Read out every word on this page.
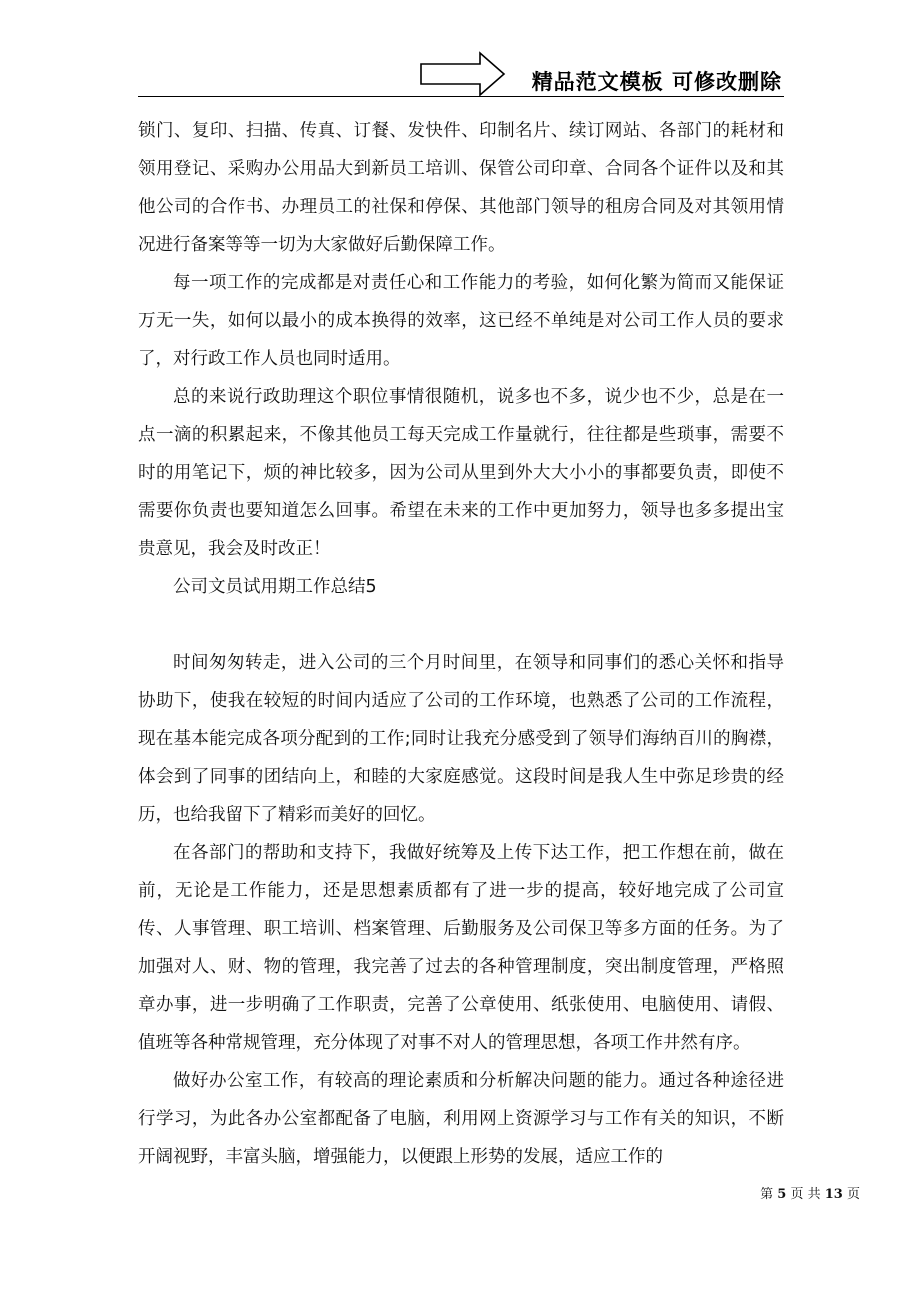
精品范文模板 可修改删除

锁门、复印、扫描、传真、订餐、发快件、印制名片、续订网站、各部门的耗材和领用登记、采购办公用品大到新员工培训、保管公司印章、合同各个证件以及和其他公司的合作书、办理员工的社保和停保、其他部门领导的租房合同及对其领用情况进行备案等等一切为大家做好后勤保障工作。

每一项工作的完成都是对责任心和工作能力的考验，如何化繁为简而又能保证万无一失，如何以最小的成本换得的效率，这已经不单纯是对公司工作人员的要求了，对行政工作人员也同时适用。

总的来说行政助理这个职位事情很随机，说多也不多，说少也不少，总是在一点一滴的积累起来，不像其他员工每天完成工作量就行，往往都是些琐事，需要不时的用笔记下，烦的神比较多，因为公司从里到外大大小小的事都要负责，即使不需要你负责也要知道怎么回事。希望在未来的工作中更加努力，领导也多多提出宝贵意见，我会及时改正！

公司文员试用期工作总结5

时间匆匆转走，进入公司的三个月时间里，在领导和同事们的悉心关怀和指导协助下，使我在较短的时间内适应了公司的工作环境，也熟悉了公司的工作流程，现在基本能完成各项分配到的工作;同时让我充分感受到了领导们海纳百川的胸襟，体会到了同事的团结向上，和睦的大家庭感觉。这段时间是我人生中弥足珍贵的经历，也给我留下了精彩而美好的回忆。

在各部门的帮助和支持下，我做好统筹及上传下达工作，把工作想在前，做在前，无论是工作能力，还是思想素质都有了进一步的提高，较好地完成了公司宣传、人事管理、职工培训、档案管理、后勤服务及公司保卫等多方面的任务。为了加强对人、财、物的管理，我完善了过去的各种管理制度，突出制度管理，严格照章办事，进一步明确了工作职责，完善了公章使用、纸张使用、电脑使用、请假、值班等各种常规管理，充分体现了对事不对人的管理思想，各项工作井然有序。

做好办公室工作，有较高的理论素质和分析解决问题的能力。通过各种途径进行学习，为此各办公室都配备了电脑，利用网上资源学习与工作有关的知识，不断开阔视野，丰富头脑，增强能力，以便跟上形势的发展，适应工作的

第 5 页 共 13 页
